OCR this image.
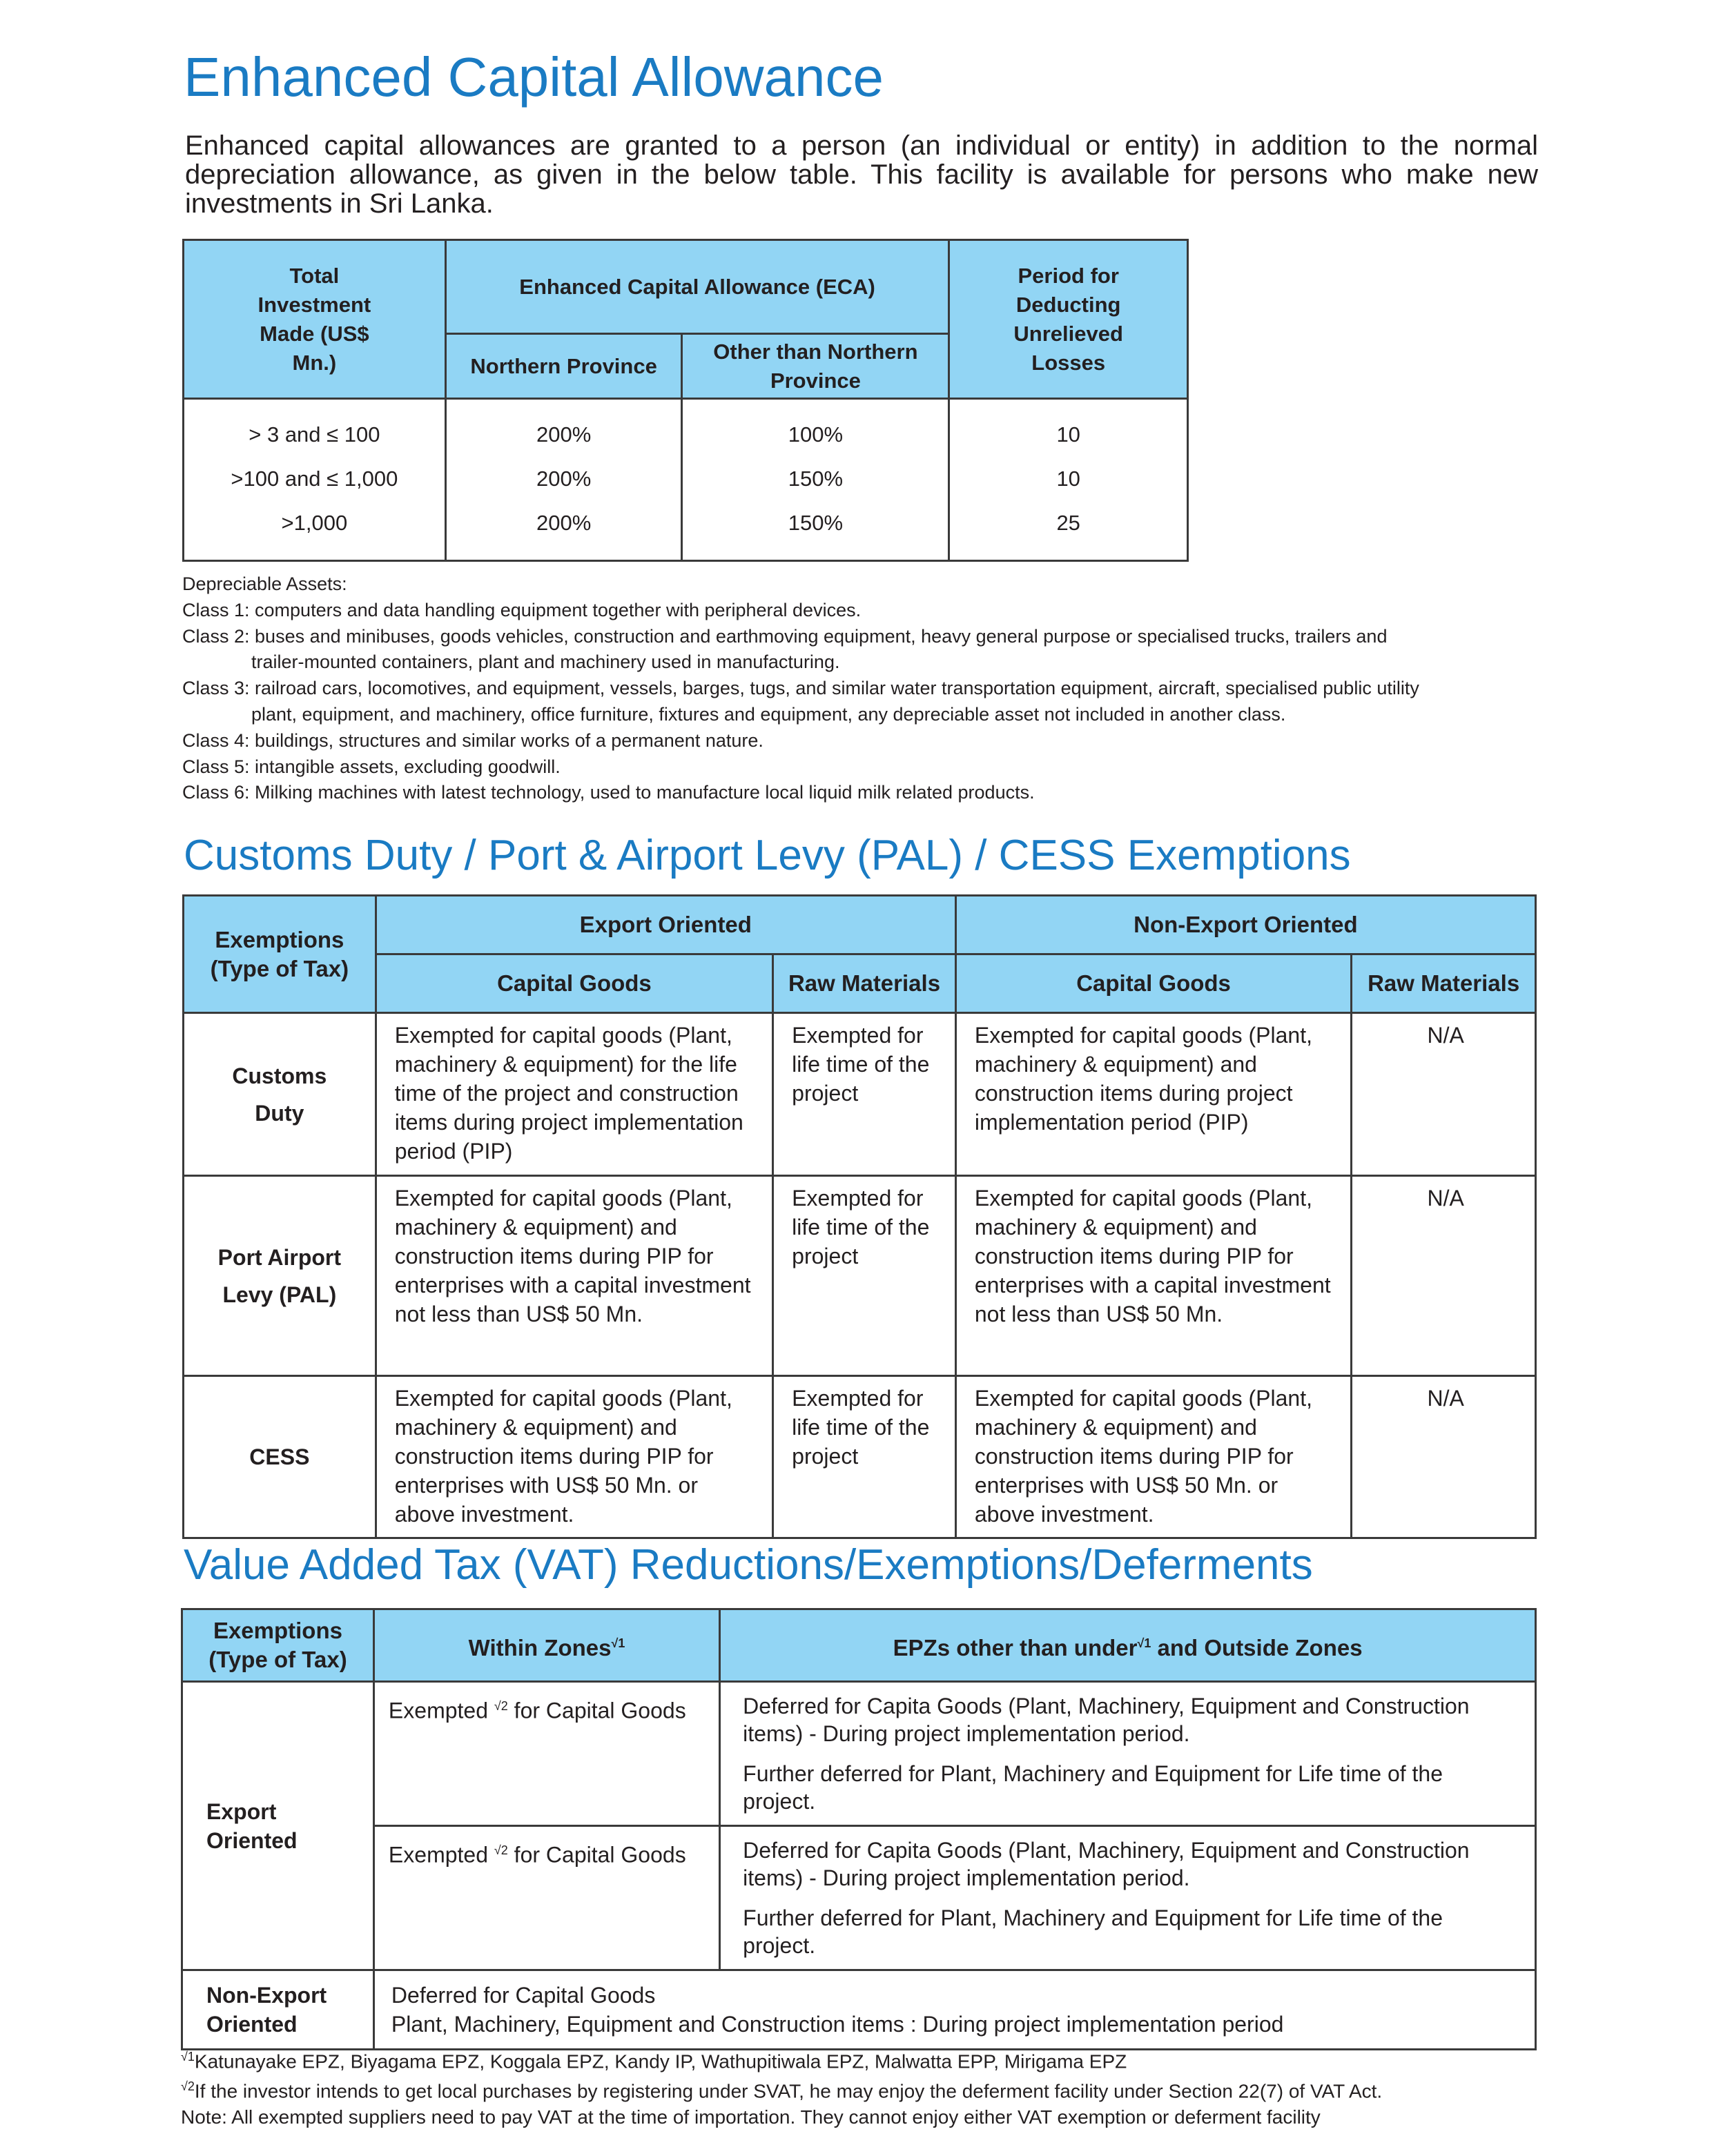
Enhanced Capital Allowance
Enhanced capital allowances are granted to a person (an individual or entity) in addition to the normal depreciation allowance, as given in the below table. This facility is available for persons who make new investments in Sri Lanka.
Total Investment Made (US$ Mn.)	Enhanced Capital Allowance (ECA)		Period for Deducting Unrelieved Losses
	Northern Province	Other than Northern Province	
> 3 and ≤ 100	200%	100%	10
>100 and ≤ 1,000	200%	150%	10
>1,000	200%	150%	25
Depreciable Assets:
Class 1: computers and data handling equipment together with peripheral devices.
Class 2: buses and minibuses, goods vehicles, construction and earthmoving equipment, heavy general purpose or specialised trucks, trailers and
trailer-mounted containers, plant and machinery used in manufacturing.
Class 3: railroad cars, locomotives, and equipment, vessels, barges, tugs, and similar water transportation equipment, aircraft, specialised public utility
plant, equipment, and machinery, office furniture, fixtures and equipment, any depreciable asset not included in another class.
Class 4: buildings, structures and similar works of a permanent nature.
Class 5: intangible assets, excluding goodwill.
Class 6: Milking machines with latest technology, used to manufacture local liquid milk related products.
Customs Duty / Port & Airport Levy (PAL) / CESS Exemptions
Exemptions (Type of Tax)	Export Oriented		Non-Export Oriented	
	Capital Goods	Raw Materials	Capital Goods	Raw Materials

Customs
Duty	Exempted for capital goods (Plant, machinery & equipment) for the life time of the project and construction items during project implementation period (PIP)	Exempted for life time of the project	Exempted for capital goods (Plant, machinery & equipment) and construction items during project implementation period (PIP)	N/A

Port Airport
Levy (PAL)	Exempted for capital goods (Plant, machinery & equipment) and construction items during PIP for enterprises with a capital investment not less than US$ 50 Mn.	Exempted for life time of the project	Exempted for capital goods (Plant, machinery & equipment) and construction items during PIP for enterprises with a capital investment not less than US$ 50 Mn.	N/A

CESS	Exempted for capital goods (Plant, machinery & equipment) and construction items during PIP for enterprises with US$ 50 Mn. or above investment.	Exempted for life time of the project	Exempted for capital goods (Plant, machinery & equipment) and construction items during PIP for enterprises with US$ 50 Mn. or above investment.	N/A
Value Added Tax (VAT) Reductions/Exemptions/Deferments
Exemptions (Type of Tax)	Within Zones$^{√1}$	EPZs other than under$^{√1}$ and Outside Zones
Export Oriented	Exempted $^{√2}$ for Capital Goods	Deferred for Capita Goods (Plant, Machinery, Equipment and Construction items) - During project implementation period.

Further deferred for Plant, Machinery and Equipment for Life time of the project.

	Exempted $^{√2}$ for Capital Goods	Deferred for Capita Goods (Plant, Machinery, Equipment and Construction items) - During project implementation period.

Further deferred for Plant, Machinery and Equipment for Life time of the project.

Non-Export Oriented	Deferred for Capital Goods
Plant, Machinery, Equipment and Construction items : During project implementation period	
$^{√1}$Katunayake EPZ, Biyagama EPZ, Koggala EPZ, Kandy IP, Wathupitiwala EPZ, Malwatta EPP, Mirigama EPZ
$^{√2}$If the investor intends to get local purchases by registering under SVAT, he may enjoy the deferment facility under Section 22(7) of VAT Act.
Note: All exempted suppliers need to pay VAT at the time of importation. They cannot enjoy either VAT exemption or deferment facility
